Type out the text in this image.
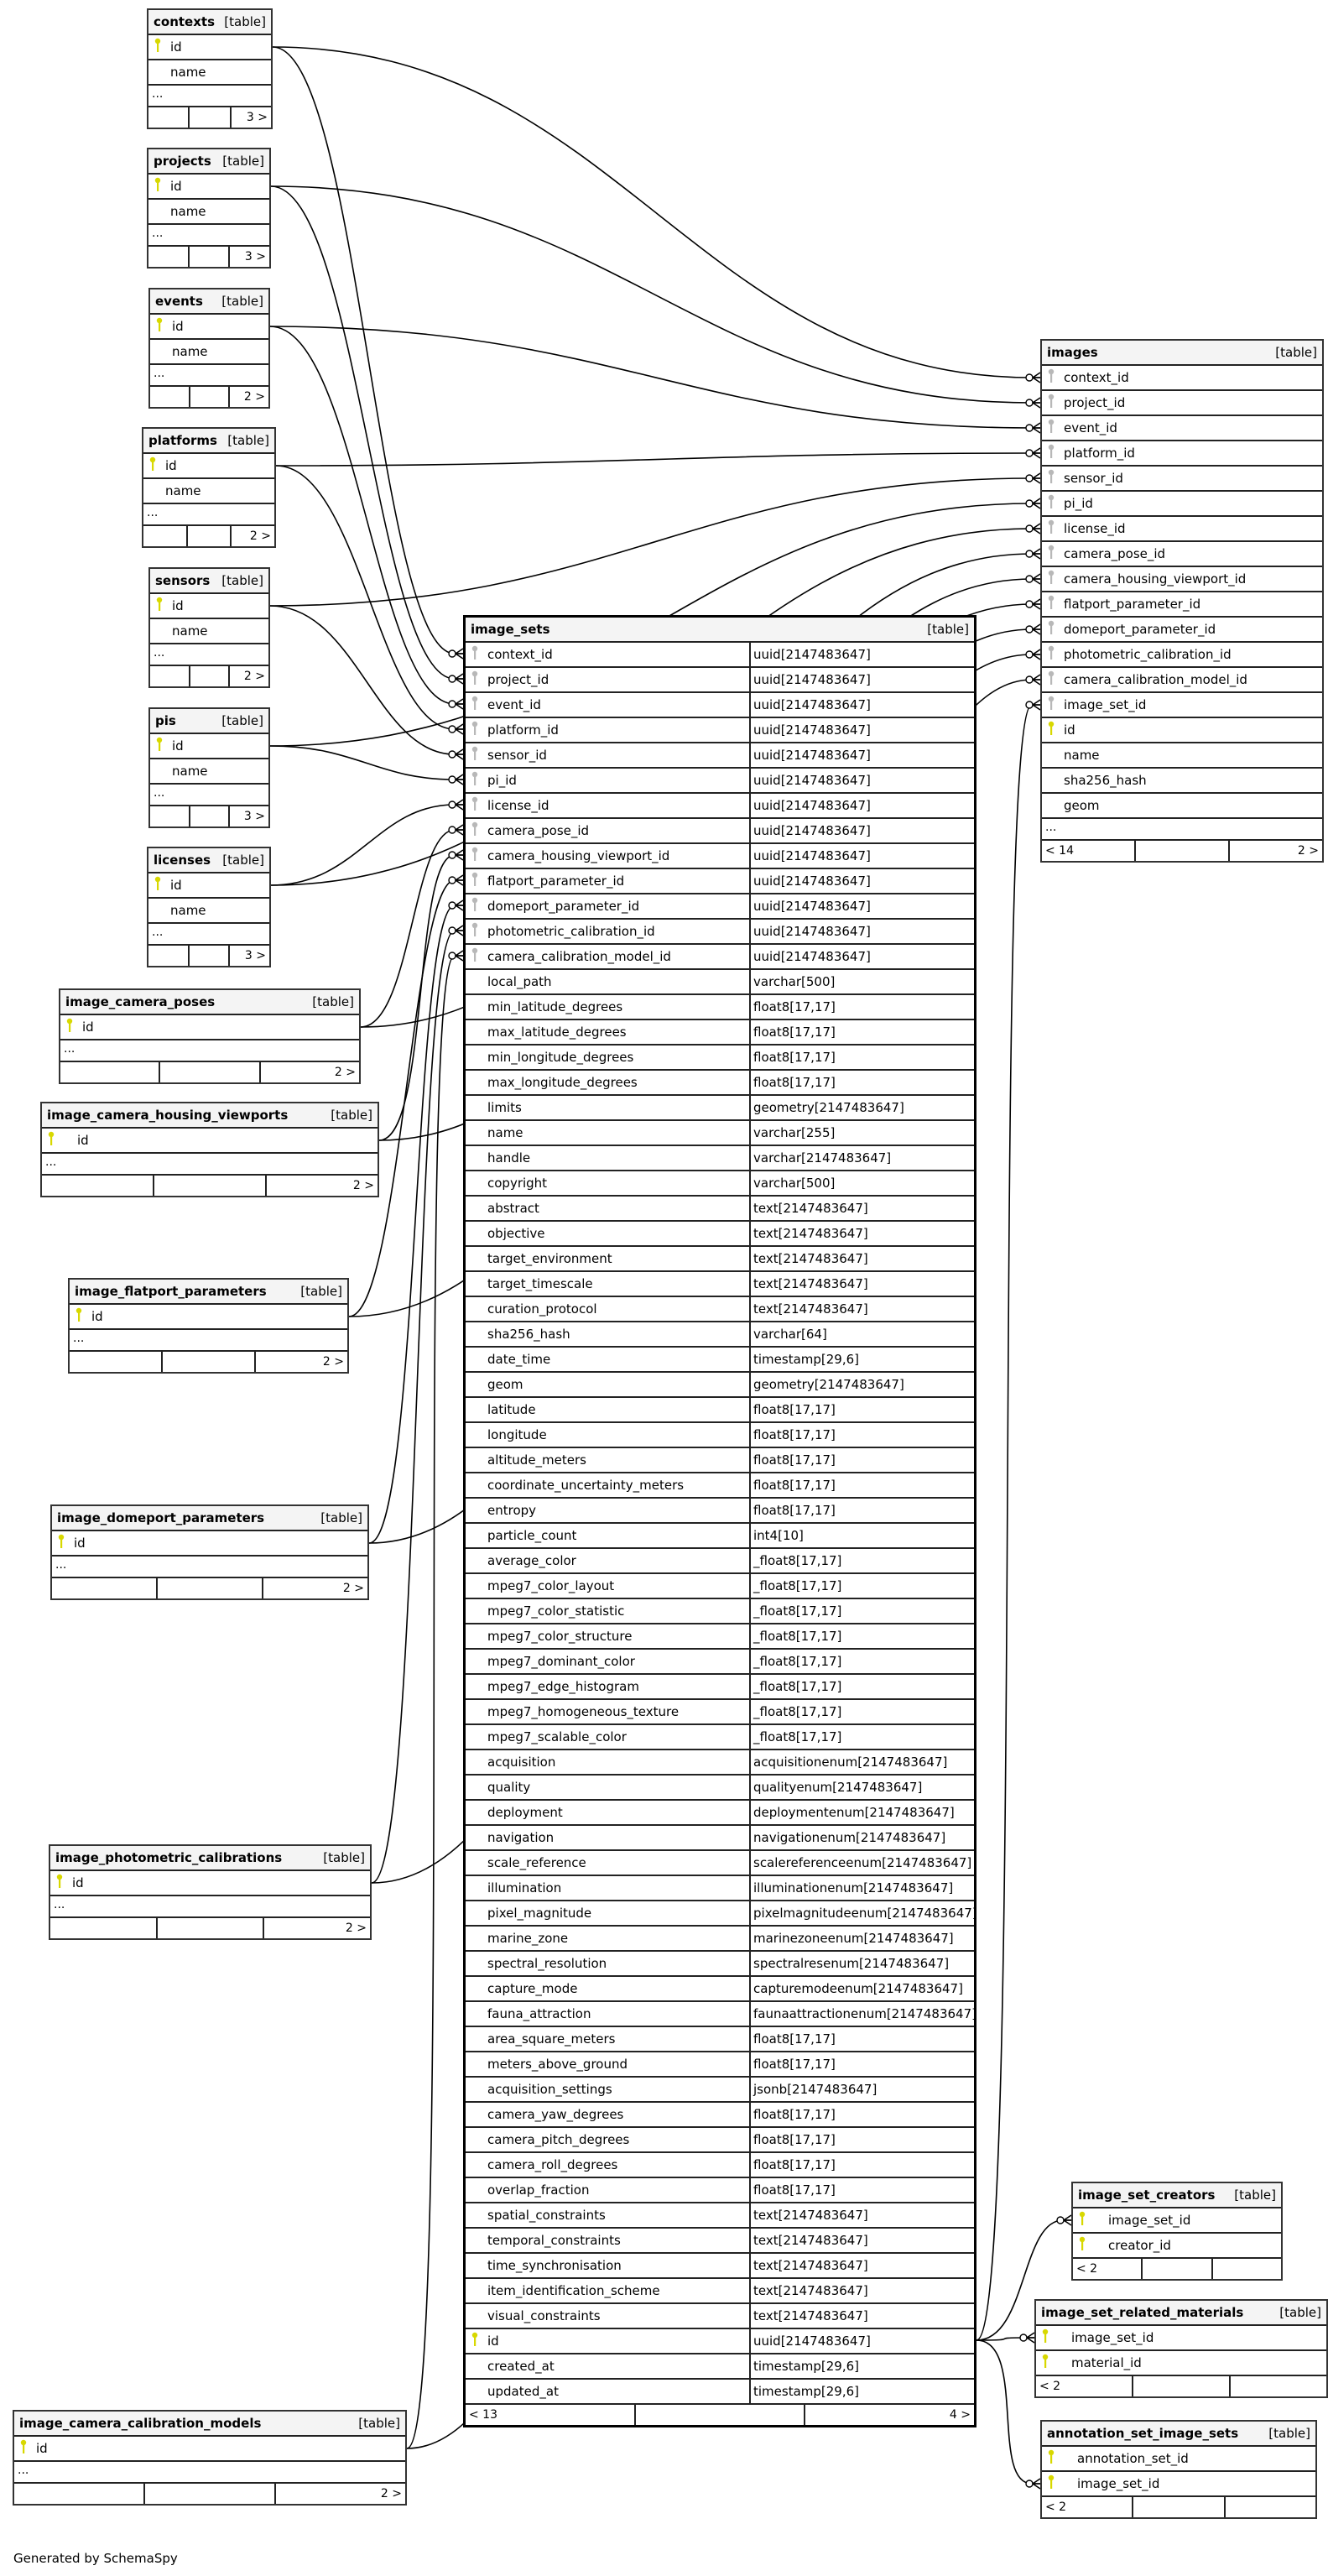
contexts [table]
id
name
...
3 >
projects [table]
id
name
...
3 >
events [table]
id
name
...
2 >
platforms [table]
id
name
...
2 >
sensors [table]
id
name
...
2 >
pis	[table]
id
name
...
3 >
licenses [table]
id
name
...
3 >
image_camera_poses	[table]
id
...
2 >
image_camera_housing_viewports	[table]
id
...
2 >
image_flatport_parameters	[table]
id
...
2 >
image_domeport_parameters	[table]
id
...
2 >
image_photometric_calibrations	[table]
id
...
2 >
image_camera_calibration_models	[table]
id
...
2 >
images	[table]
context_id
project_id
event_id
platform_id
sensor_id
pi_id
license_id
camera_pose_id
camera_housing_viewport_id
flatport_parameter_id
domeport_parameter_id
photometric_calibration_id
camera_calibration_model_id
image_set_id
id
name
sha256_hash
geom
...
< 14	2 >
image_sets	[table]
context_id	uuid[2147483647]
project_id	uuid[2147483647]
event_id	uuid[2147483647]
platform_id	uuid[2147483647]
sensor_id	uuid[2147483647]
pi_id	uuid[2147483647]
license_id	uuid[2147483647]
camera_pose_id	uuid[2147483647]
camera_housing_viewport_id	uuid[2147483647]
flatport_parameter_id	uuid[2147483647]
domeport_parameter_id	uuid[2147483647]
photometric_calibration_id	uuid[2147483647]
camera_calibration_model_id	uuid[2147483647]
local_path	varchar[500]
min_latitude_degrees	float8[17,17]
max_latitude_degrees	float8[17,17]
min_longitude_degrees	float8[17,17]
max_longitude_degrees	float8[17,17]
limits	geometry[2147483647]
name	varchar[255]
handle	varchar[2147483647]
copyright	varchar[500]
abstract	text[2147483647]
objective	text[2147483647]
target_environment	text[2147483647]
target_timescale	text[2147483647]
curation_protocol	text[2147483647]
sha256_hash	varchar[64]
date_time	timestamp[29,6]
geom	geometry[2147483647]
latitude	float8[17,17]
longitude	float8[17,17]
altitude_meters	float8[17,17]
coordinate_uncertainty_meters	float8[17,17]
entropy	float8[17,17]
particle_count	int4[10]
average_color	_float8[17,17]
mpeg7_color_layout	_float8[17,17]
mpeg7_color_statistic	_float8[17,17]
mpeg7_color_structure	_float8[17,17]
mpeg7_dominant_color	_float8[17,17]
mpeg7_edge_histogram	_float8[17,17]
mpeg7_homogeneous_texture	_float8[17,17]
mpeg7_scalable_color	_float8[17,17]
acquisition	acquisitionenum[2147483647]
quality	qualityenum[2147483647]
deployment	deploymentenum[2147483647]
navigation	navigationenum[2147483647]
scale_reference	scalereferenceenum[2147483647]
illumination	illuminationenum[2147483647]
pixel_magnitude	pixelmagnitudeenum[2147483647]
marine_zone	marinezoneenum[2147483647]
spectral_resolution	spectralresenum[2147483647]
capture_mode	capturemodeenum[2147483647]
fauna_attraction	faunaattractionenum[2147483647]
area_square_meters	float8[17,17]
meters_above_ground	float8[17,17]
acquisition_settings	jsonb[2147483647]
camera_yaw_degrees	float8[17,17]
camera_pitch_degrees	float8[17,17]
camera_roll_degrees	float8[17,17]
overlap_fraction	float8[17,17]
spatial_constraints	text[2147483647]
temporal_constraints	text[2147483647]
time_synchronisation	text[2147483647]
item_identification_scheme	text[2147483647]
visual_constraints	text[2147483647]
id	uuid[2147483647]
created_at	timestamp[29,6]
updated_at	timestamp[29,6]
< 13	4 >
image_set_creators [table]
image_set_id
creator_id
< 2
image_set_related_materials	[table]
image_set_id
material_id
< 2
annotation_set_image_sets [table]
annotation_set_id
image_set_id
< 2
Generated by SchemaSpy
